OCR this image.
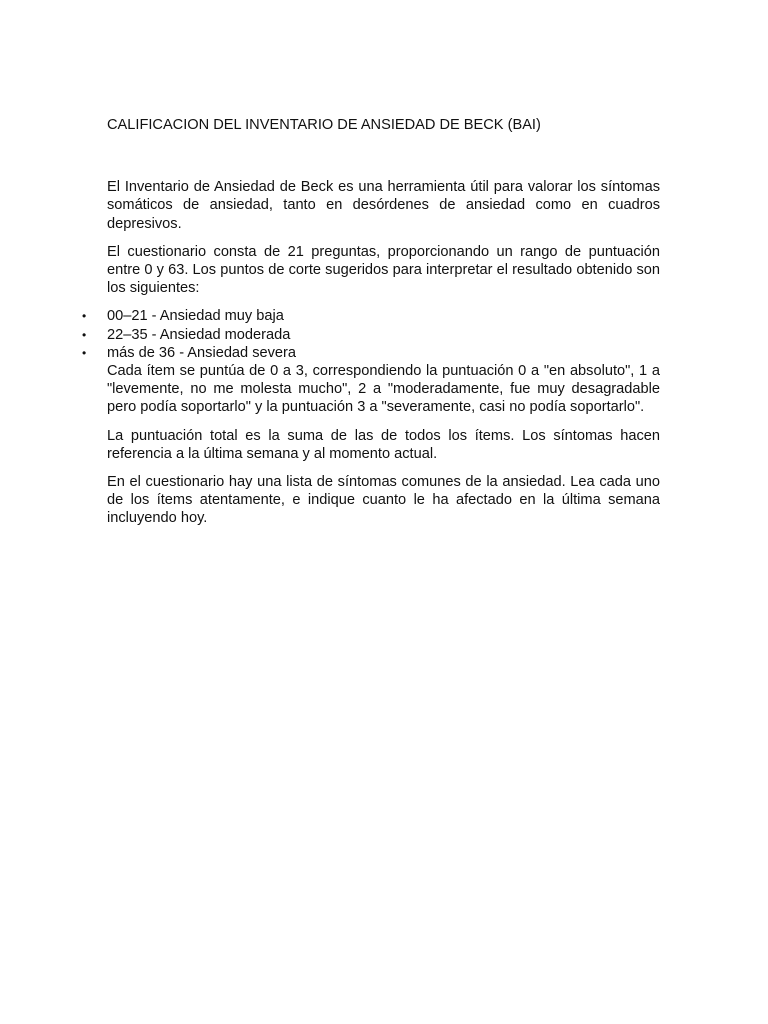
CALIFICACION DEL INVENTARIO DE ANSIEDAD DE BECK (BAI)

El Inventario de Ansiedad de Beck es una herramienta útil para valorar los síntomas somáticos de ansiedad, tanto en desórdenes de ansiedad como en cuadros depresivos.

El cuestionario consta de 21 preguntas, proporcionando un rango de puntuación entre 0 y 63. Los puntos de corte sugeridos para interpretar el resultado obtenido son los siguientes:

• 00–21 - Ansiedad muy baja
• 22–35 - Ansiedad moderada
• más de 36 - Ansiedad severa

Cada ítem se puntúa de 0 a 3, correspondiendo la puntuación 0 a "en absoluto", 1 a "levemente, no me molesta mucho", 2 a "moderadamente, fue muy desagradable pero podía soportarlo" y la puntuación 3 a "severamente, casi no podía soportarlo".

La puntuación total es la suma de las de todos los ítems. Los síntomas hacen referencia a la última semana y al momento actual.

En el cuestionario hay una lista de síntomas comunes de la ansiedad. Lea cada uno de los ítems atentamente, e indique cuanto le ha afectado en la última semana incluyendo hoy.
